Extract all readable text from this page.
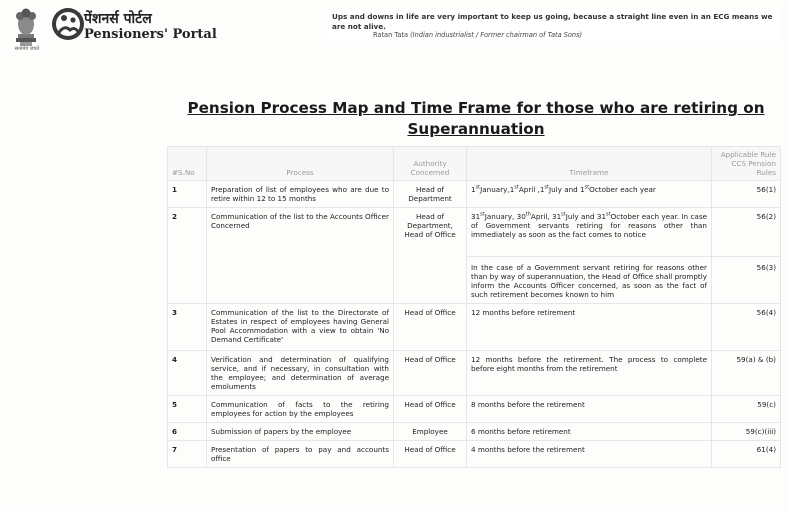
सत्यमेव जयते
पेंशनर्स पोर्टल
Pensioners' Portal
Ups and downs in life are very important to keep us going, because a straight line even in an ECG means we are not alive.
Ratan Tata (Indian industrialist / Former chairman of Tata Sons)
Pension Process Map and Time Frame for those who are retiring on Superannuation
#S.No	Process	Authority Concerned	Timeframe	Applicable Rule CCS Pension Rules
1	Preparation of list of employees who are due to retire within 12 to 15 months	Head of Department	1stJanuary,1stApril ,1stJuly and 1stOctober each year	56(1)
2	Communication of the list to the Accounts Officer Concerned	Head of Department, Head of Office	31stJanuary, 30thApril, 31stJuly and 31stOctober each year. In case of Government servants retiring for reasons other than immediately as soon as the fact comes to notice	56(2)
			In the case of a Government servant retiring for reasons other than by way of superannuation, the Head of Office shall promptly inform the Accounts Officer concerned, as soon as the fact of such retirement becomes known to him	56(3)
3	Communication of the list to the Directorate of Estates in respect of employees having General Pool Accommodation with a view to obtain 'No Demand Certificate'	Head of Office	12 months before retirement	56(4)
4	Verification and determination of qualifying service, and if necessary, in consultation with the employee; and determination of average emoluments	Head of Office	12 months before the retirement. The process to complete before eight months from the retirement	59(a) & (b)
5	Communication of facts to the retiring employees for action by the employees	Head of Office	8 months before the retirement	59(c)
6	Submission of papers by the employee	Employee	6 months before retirement	59(c)(iii)
7	Presentation of papers to pay and accounts office	Head of Office	4 months before the retirement	61(4)
